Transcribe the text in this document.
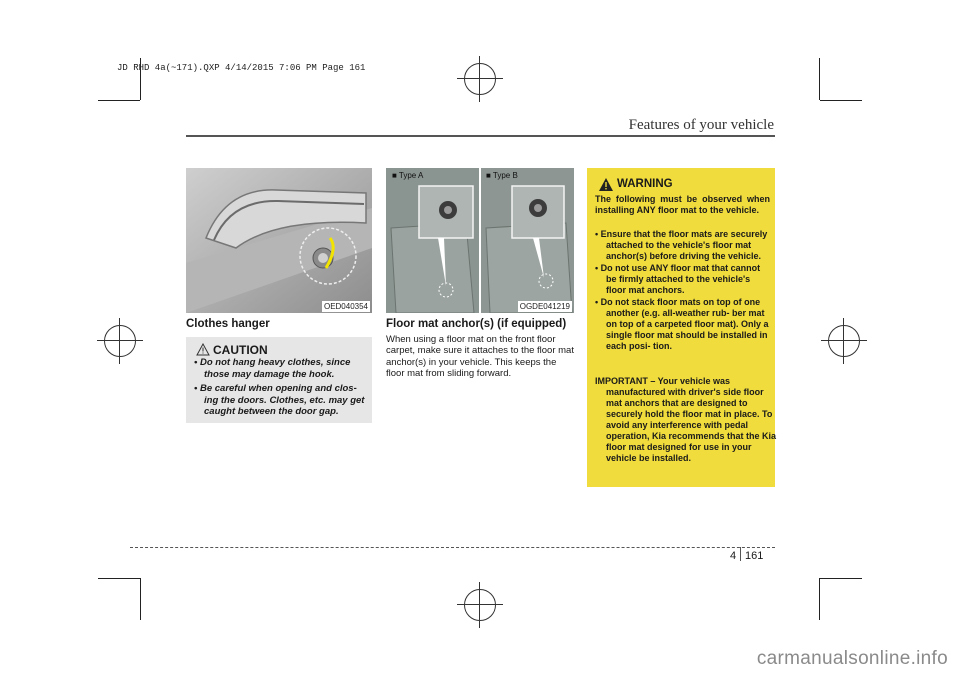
JD RHD 4a(~171).QXP 4/14/2015 7:06 PM Page 161
Features of your vehicle
OED040354
Clothes hanger
CAUTION
• Do not hang heavy clothes, since those may damage the hook.
• Be careful when opening and clos- ing the doors. Clothes, etc. may get caught between the door gap.
■ Type A	■ Type B
OGDE041219
Floor mat anchor(s) (if equipped)

When using a floor mat on the front floor carpet, make sure it attaches to the floor mat anchor(s) in your vehicle. This keeps the floor mat from sliding forward.

WARNING

The following must be observed when installing ANY floor mat to the vehicle.

• Ensure that the floor mats are securely attached to the vehicle's floor mat anchor(s) before driving the vehicle.
• Do not use ANY floor mat that cannot be firmly attached to the vehicle's floor mat anchors.
• Do not stack floor mats on top of one another (e.g. all-weather rub- ber mat on top of a carpeted floor mat). Only a single floor mat should be installed in each posi- tion.

IMPORTANT – Your vehicle was manufactured with driver's side floor mat anchors that are designed to securely hold the floor mat in place. To avoid any interference with pedal operation, Kia recommends that the Kia floor mat designed for use in your vehicle be installed.

4 161
carmanualsonline.info
